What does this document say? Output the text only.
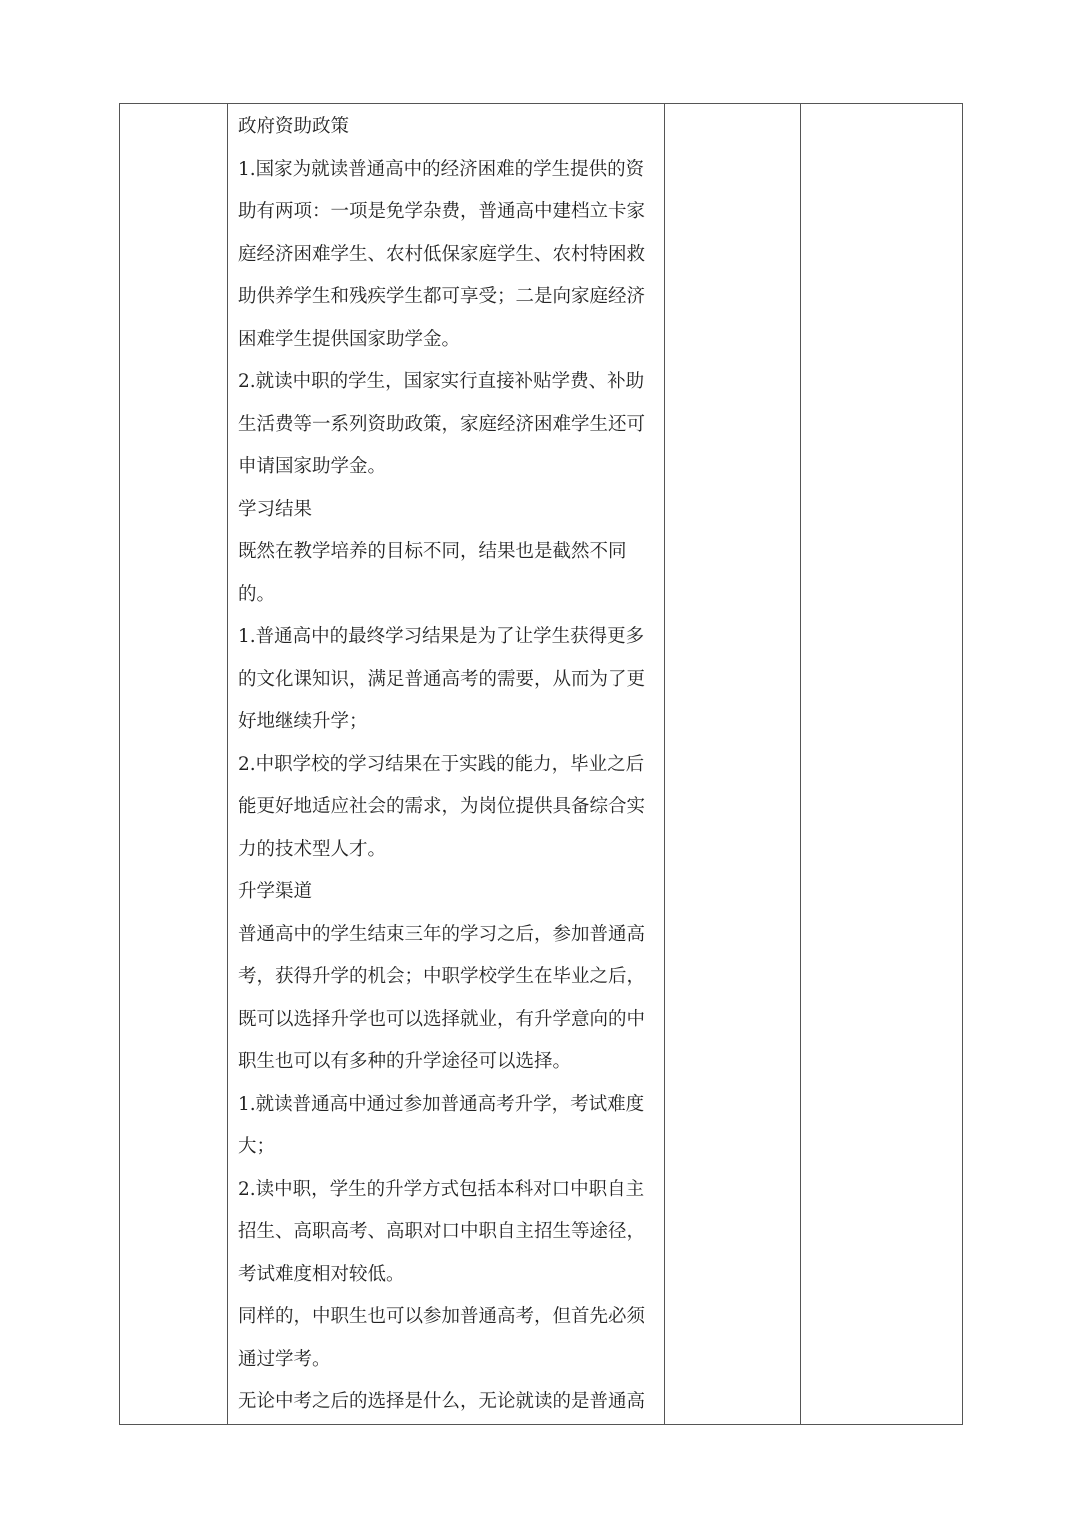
政府资助政策

1.国家为就读普通高中的经济困难的学生提供的资

助有两项：一项是免学杂费，普通高中建档立卡家

庭经济困难学生、农村低保家庭学生、农村特困救

助供养学生和残疾学生都可享受；二是向家庭经济

困难学生提供国家助学金。

2.就读中职的学生，国家实行直接补贴学费、补助

生活费等一系列资助政策，家庭经济困难学生还可

申请国家助学金。

学习结果

既然在教学培养的目标不同，结果也是截然不同

的。

1.普通高中的最终学习结果是为了让学生获得更多

的文化课知识，满足普通高考的需要，从而为了更

好地继续升学；

2.中职学校的学习结果在于实践的能力，毕业之后

能更好地适应社会的需求，为岗位提供具备综合实

力的技术型人才。

升学渠道

普通高中的学生结束三年的学习之后，参加普通高

考，获得升学的机会；中职学校学生在毕业之后，

既可以选择升学也可以选择就业，有升学意向的中

职生也可以有多种的升学途径可以选择。

1.就读普通高中通过参加普通高考升学，考试难度

大；

2.读中职，学生的升学方式包括本科对口中职自主

招生、高职高考、高职对口中职自主招生等途径，

考试难度相对较低。

同样的，中职生也可以参加普通高考，但首先必须

通过学考。

无论中考之后的选择是什么，无论就读的是普通高
